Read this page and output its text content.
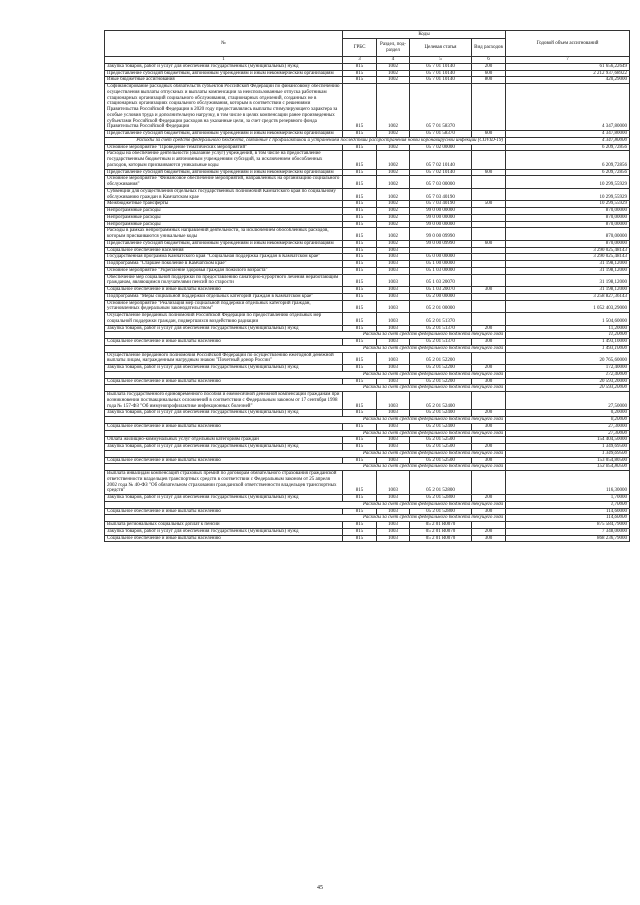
№	Коды				Годовой объем ассигнований
	ГРБС	Раздел, под-раздел	Целевая статья	Вид расходов	
1	3	4	5	6	7
Закупка товаров, работ и услуг для обеспечения государственных (муниципальных) нужд	815	1002	05 7 01 10140	200	61 656,22649
Предоставление субсидий бюджетным, автономным учреждениям и иным некоммерческим организациям	815	1002	05 7 01 10140	600	2 212 937,68922
Иные бюджетные ассигнования	815	1002	05 7 01 10140	800	420,29000
Софинансирование расходных обязательств субъектов Российской Федерации по финансовому обеспечению осуществления выплаты отпускных и выплаты компенсации за неиспользованные отпуска работникам стационарных организаций социального обслуживания, стационарных отделений, созданных не в стационарных организациях социального обслуживания, которым в соответствии с решениями Правительства Российской Федерации в 2020 году предоставлялись выплаты стимулирующего характера за особые условия труда и дополнительную нагрузку, в том числе в целях компенсации ранее произведенных субъектами Российской Федерации расходов на указанные цели, за счет средств резервного фонда Правительства Российской Федерации	815	1002	05 7 01 58370		4 347,80000
Предоставление субсидий бюджетным, автономным учреждениям и иным некоммерческим организациям	815	1002	05 7 01 58370	600	4 347,80000
Расходы за счет средств федерального бюджета, связанные с профилактикой и устранением последствий распространения новой коронавирусной инфекции (COVID-19)					4 347,80000
Основное мероприятие "Проведение тематических мероприятий"	815	1002	05 7 02 00000		6 209,72856
Расходы на обеспечение деятельности (оказание услуг) учреждений, в том числе на предоставление государственным бюджетным и автономным учреждениям субсидий, за исключением обособленных расходов, которым присваиваются уникальные коды	815	1002	05 7 02 10140		6 209,72856
Предоставление субсидий бюджетным, автономным учреждениям и иным некоммерческим организациям	815	1002	05 7 02 10140	600	6 209,72856
Основное мероприятие "Финансовое обеспечение мероприятий, направленных на организацию социального обслуживания"	815	1002	05 7 03 00000		10 299,55929
Субвенции для осуществления отдельных государственных полномочий Камчатского края по социальному обслуживанию граждан в Камчатском крае	815	1002	05 7 03 40190		10 299,55929
Межбюджетные трансферты	815	1002	05 7 03 40190	500	10 299,55929
Непрограммные расходы	815	1002	99 0 00 00000		870,00000
Непрограммные расходы	815	1002	99 0 00 00000		870,00000
Непрограммные расходы	815	1002	99 0 00 00000		870,00000
Расходы в рамках непрограммных направлений деятельности, за исключением обособленных расходов, которым присваиваются уникальные коды	815	1002	99 0 00 09990		870,00000
Предоставление субсидий бюджетным, автономным учреждениям и иным некоммерческим организациям	815	1002	99 0 00 09990	600	870,00000
Социальное обеспечение населения	815	1003			3 290 025,48143
Государственная программа Камчатского края "Социальная поддержка граждан в Камчатском крае"	815	1003	05 0 00 00000		3 290 025,48143
Подпрограмма "Старшее поколение в Камчатском крае"	815	1003	05 1 00 00000		31 198,12000
Основное мероприятие "Укрепление здоровья граждан пожилого возраста"	815	1003	05 1 03 00000		31 198,12000
Обеспечение мер социальной поддержки по предоставлению санаторно-курортного лечения неработающим гражданам, являющимся получателями пенсий по старости	815	1003	05 1 03 20070		31 198,12000
Социальное обеспечение и иные выплаты населению	815	1003	05 1 03 20070	300	31 198,12000
Подпрограмма "Меры социальной поддержки отдельных категорий граждан в Камчатском крае"	815	1003	05 2 00 00000		3 258 827,36143
Основное мероприятие "Реализация мер социальной поддержки отдельных категорий граждан, установленных федеральным законодательством"	815	1003	05 2 01 00000		1 052 403,29000
Осуществление переданных полномочий Российской Федерации по предоставлению отдельных мер социальной поддержки граждан, подвергшихся воздействию радиации	815	1003	05 2 01 51370		1 504,60000
Закупка товаров, работ и услуг для обеспечения государственных (муниципальных) нужд	815	1003	05 2 01 51370	200	11,20000
Расходы за счет средств федерального бюджета текущего года					11,20000
Социальное обеспечение и иные выплаты населению	815	1003	05 2 01 51370	300	1 493,10000
Расходы за счет средств федерального бюджета текущего года					1 493,10000
Осуществление переданного полномочия Российской Федерации по осуществлению ежегодной денежной выплаты лицам, награжденным нагрудным знаком "Почетный донор России"	815	1003	05 2 01 52200		20 765,60000
Закупка товаров, работ и услуг для обеспечения государственных (муниципальных) нужд	815	1003	05 2 01 52200	200	172,40000
Расходы за счет средств федерального бюджета текущего года					172,40000
Социальное обеспечение и иные выплаты населению	815	1003	05 2 01 52200	300	20 593,20000
Расходы за счет средств федерального бюджета текущего года					20 593,20000
Выплата государственного единовременного пособия и ежемесячной денежной компенсации гражданам при возникновении поствакцинальных осложнений в соответствии с Федеральным законом от 17 сентября 1998 года № 157-ФЗ "Об иммунопрофилактике инфекционных болезней"	815	1003	05 2 01 52400		27,50000
Закупка товаров, работ и услуг для обеспечения государственных (муниципальных) нужд	815	1003	05 2 01 52400	200	0,20000
Расходы за счет средств федерального бюджета текущего года					0,20000
Социальное обеспечение и иные выплаты населению	815	1003	05 2 01 52400	300	27,30000
Расходы за счет средств федерального бюджета текущего года					27,30000
Оплата жилищно-коммунальных услуг отдельным категориям граждан	815	1003	05 2 01 52500		154 404,50000
Закупка товаров, работ и услуг для обеспечения государственных (муниципальных) нужд	815	1003	05 2 01 52500	200	1 349,69500
Расходы за счет средств федерального бюджета текущего года					1 349,69500
Социальное обеспечение и иные выплаты населению	815	1003	05 2 01 52500	300	153 054,80500
Расходы за счет средств федерального бюджета текущего года					153 054,80500
Выплата инвалидам компенсаций страховых премий по договорам обязательного страхования гражданской ответственности владельцев транспортных средств в соответствии с Федеральным законом от 25 апреля 2002 года № 40-ФЗ "Об обязательном страховании гражданской ответственности владельцев транспортных средств"	815	1003	05 2 01 52800		116,30000
Закупка товаров, работ и услуг для обеспечения государственных (муниципальных) нужд	815	1003	05 2 01 52800	200	1,70000
Расходы за счет средств федерального бюджета текущего года					1,70000
Социальное обеспечение и иные выплаты населению	815	1003	05 2 01 52800	300	114,60000
Расходы за счет средств федерального бюджета текущего года					114,60000
Выплата региональных социальных доплат к пенсии	815	1003	05 2 01 R0070		875 584,79000
Закупка товаров, работ и услуг для обеспечения государственных (муниципальных) нужд	815	1003	05 2 01 R0070	200	7 348,00000
Социальное обеспечение и иные выплаты населению	815	1003	05 2 01 R0070	300	868 236,79000
45
